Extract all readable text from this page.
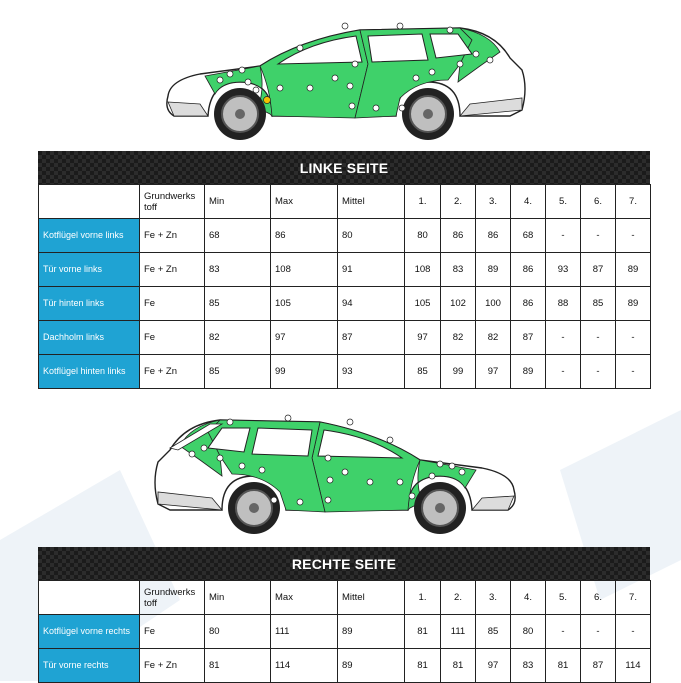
LINKE SEITE
	Grundwerks toff	Min	Max	Mittel	1.	2.	3.	4.	5.	6.	7.
Kotflügel vorne links	Fe + Zn	68	86	80	80	86	86	68	-	-	-
Tür vorne links	Fe + Zn	83	108	91	108	83	89	86	93	87	89
Tür hinten links	Fe	85	105	94	105	102	100	86	88	85	89
Dachholm links	Fe	82	97	87	97	82	82	87	-	-	-
Kotflügel hinten links	Fe + Zn	85	99	93	85	99	97	89	-	-	-
RECHTE SEITE
	Grundwerks toff	Min	Max	Mittel	1.	2.	3.	4.	5.	6.	7.
Kotflügel vorne rechts	Fe	80	111	89	81	111	85	80	-	-	-
Tür vorne rechts	Fe + Zn	81	114	89	81	81	97	83	81	87	114
